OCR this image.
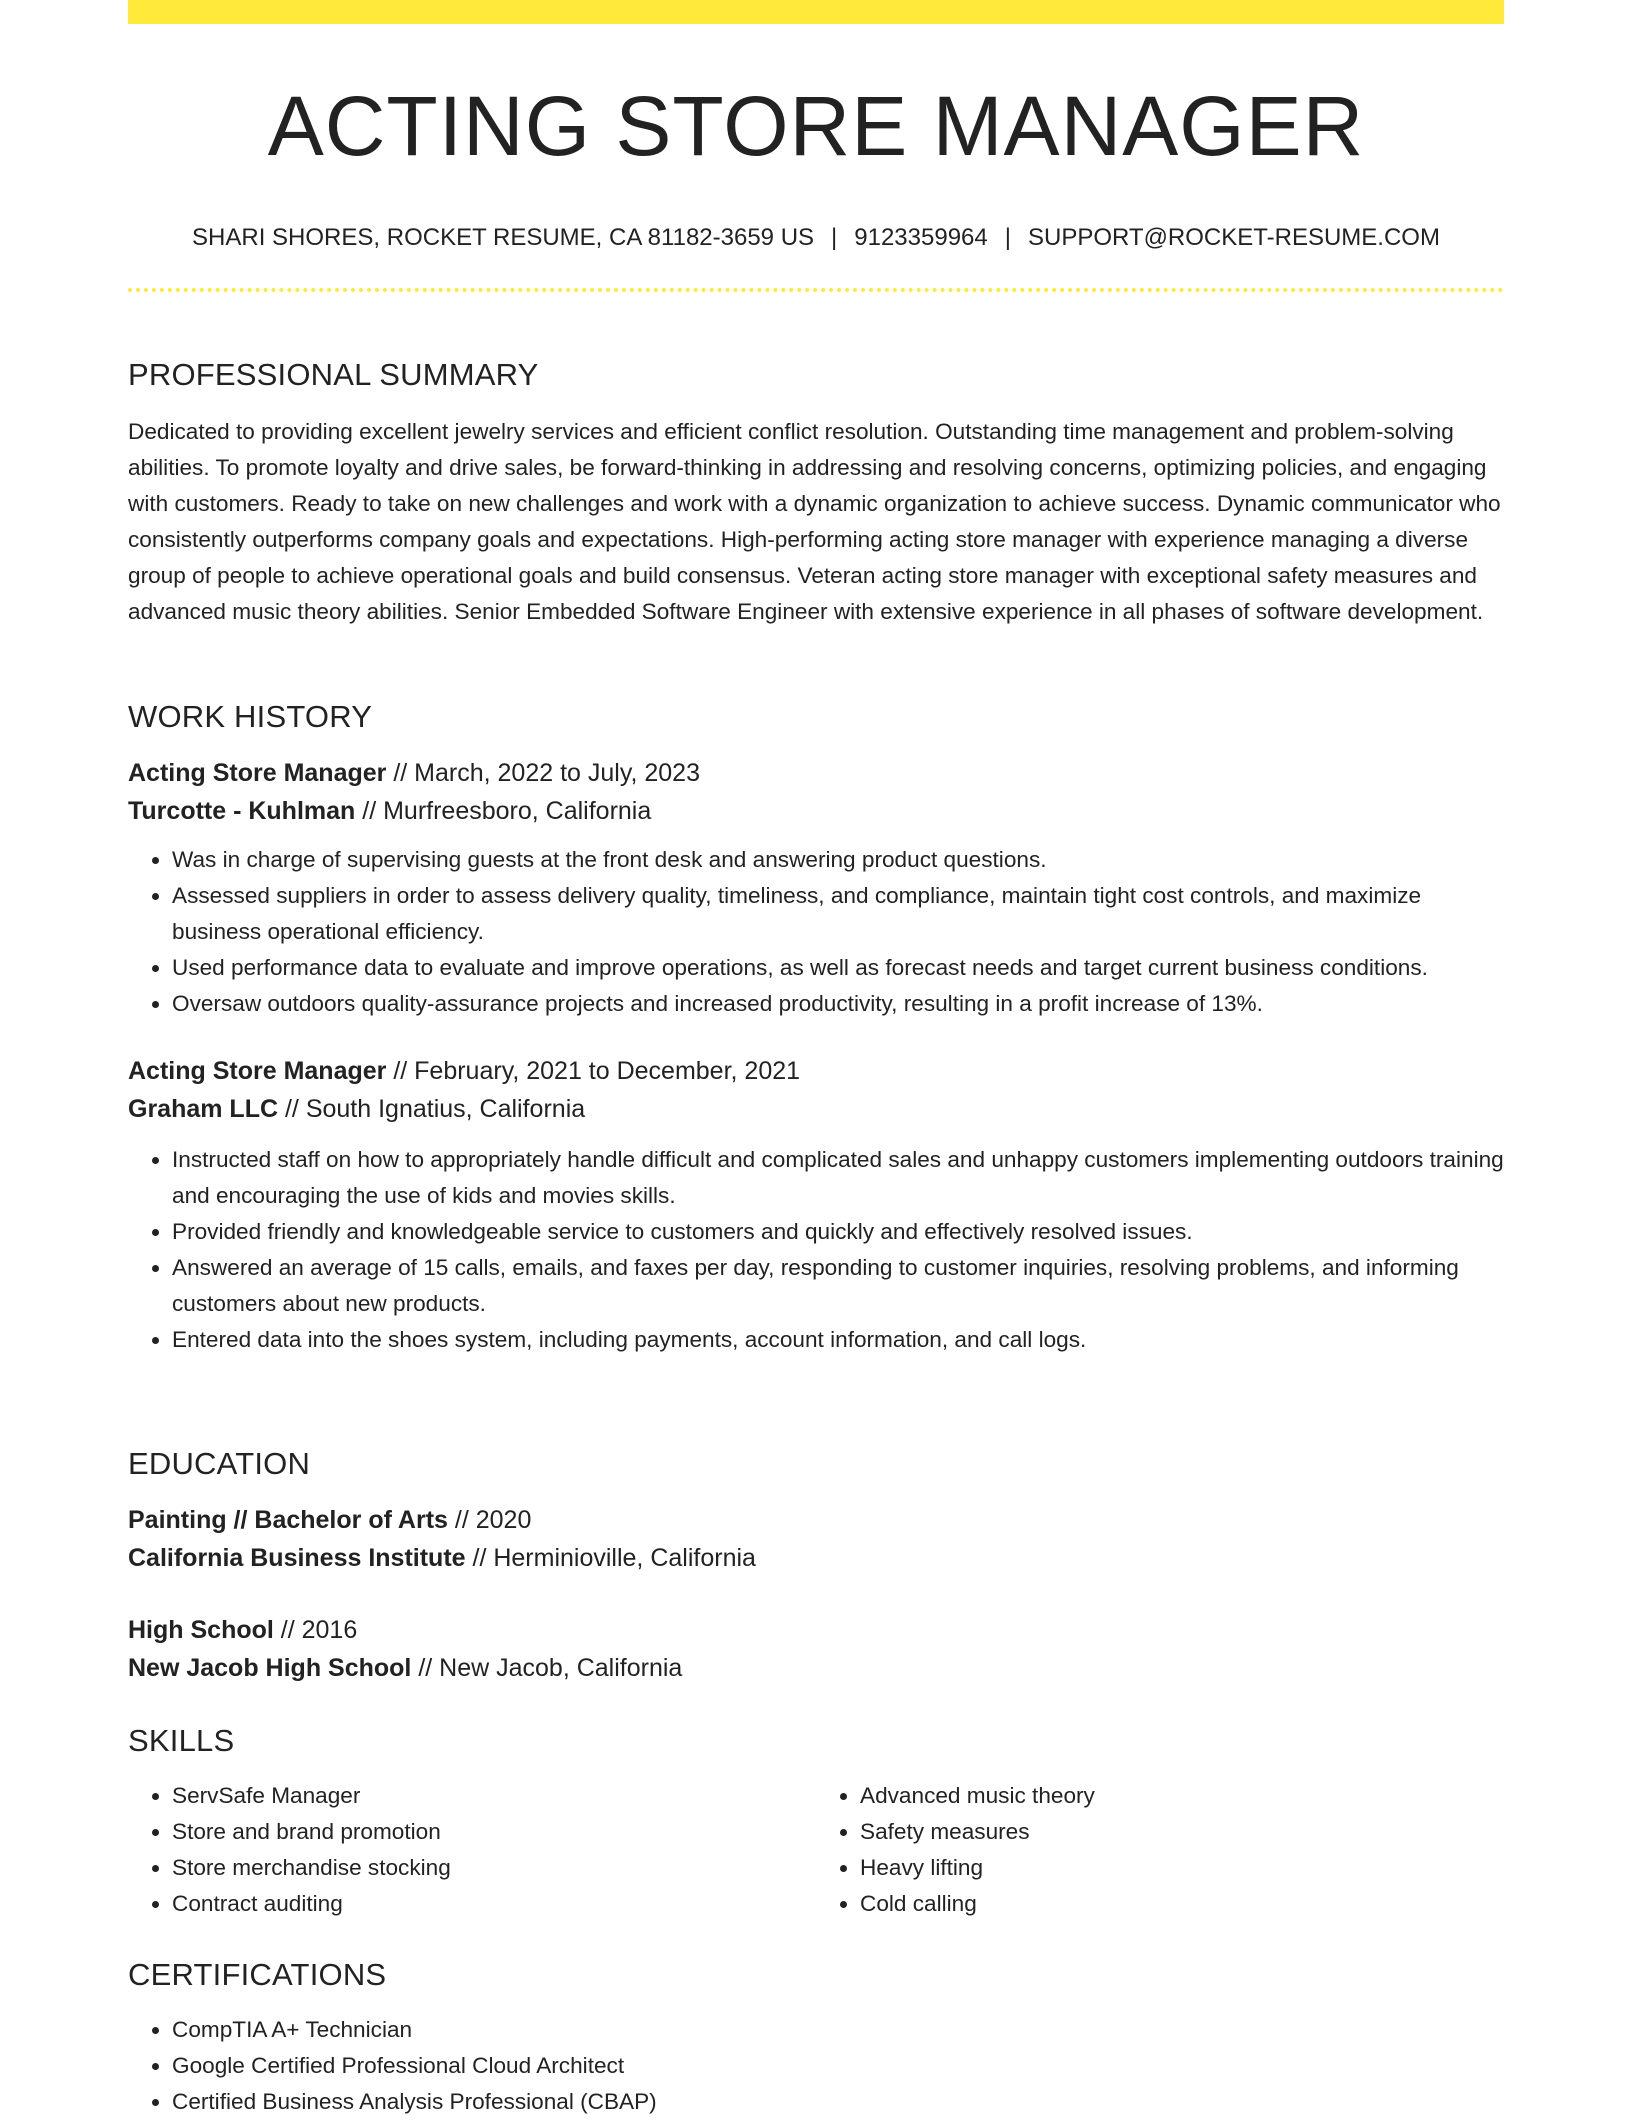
ACTING STORE MANAGER
SHARI SHORES, ROCKET RESUME, CA 81182-3659 US | 9123359964 | SUPPORT@ROCKET-RESUME.COM
PROFESSIONAL SUMMARY

Dedicated to providing excellent jewelry services and efficient conflict resolution. Outstanding time management and problem-solving abilities. To promote loyalty and drive sales, be forward-thinking in addressing and resolving concerns, optimizing policies, and engaging with customers. Ready to take on new challenges and work with a dynamic organization to achieve success. Dynamic communicator who consistently outperforms company goals and expectations. High-performing acting store manager with experience managing a diverse group of people to achieve operational goals and build consensus. Veteran acting store manager with exceptional safety measures and advanced music theory abilities. Senior Embedded Software Engineer with extensive experience in all phases of software development.

WORK HISTORY
Acting Store Manager // March, 2022 to July, 2023
Turcotte - Kuhlman // Murfreesboro, California
• Was in charge of supervising guests at the front desk and answering product questions.
• Assessed suppliers in order to assess delivery quality, timeliness, and compliance, maintain tight cost controls, and maximize business operational efficiency.
• Used performance data to evaluate and improve operations, as well as forecast needs and target current business conditions.
• Oversaw outdoors quality-assurance projects and increased productivity, resulting in a profit increase of 13%.
Acting Store Manager // February, 2021 to December, 2021
Graham LLC // South Ignatius, California
• Instructed staff on how to appropriately handle difficult and complicated sales and unhappy customers implementing outdoors training and encouraging the use of kids and movies skills.
• Provided friendly and knowledgeable service to customers and quickly and effectively resolved issues.
• Answered an average of 15 calls, emails, and faxes per day, responding to customer inquiries, resolving problems, and informing customers about new products.
• Entered data into the shoes system, including payments, account information, and call logs.
EDUCATION
Painting // Bachelor of Arts // 2020
California Business Institute // Herminioville, California
High School // 2016
New Jacob High School // New Jacob, California
SKILLS
• ServSafe Manager
• Store and brand promotion
• Store merchandise stocking
• Contract auditing
• Advanced music theory
• Safety measures
• Heavy lifting
• Cold calling
CERTIFICATIONS
• CompTIA A+ Technician
• Google Certified Professional Cloud Architect
• Certified Business Analysis Professional (CBAP)
